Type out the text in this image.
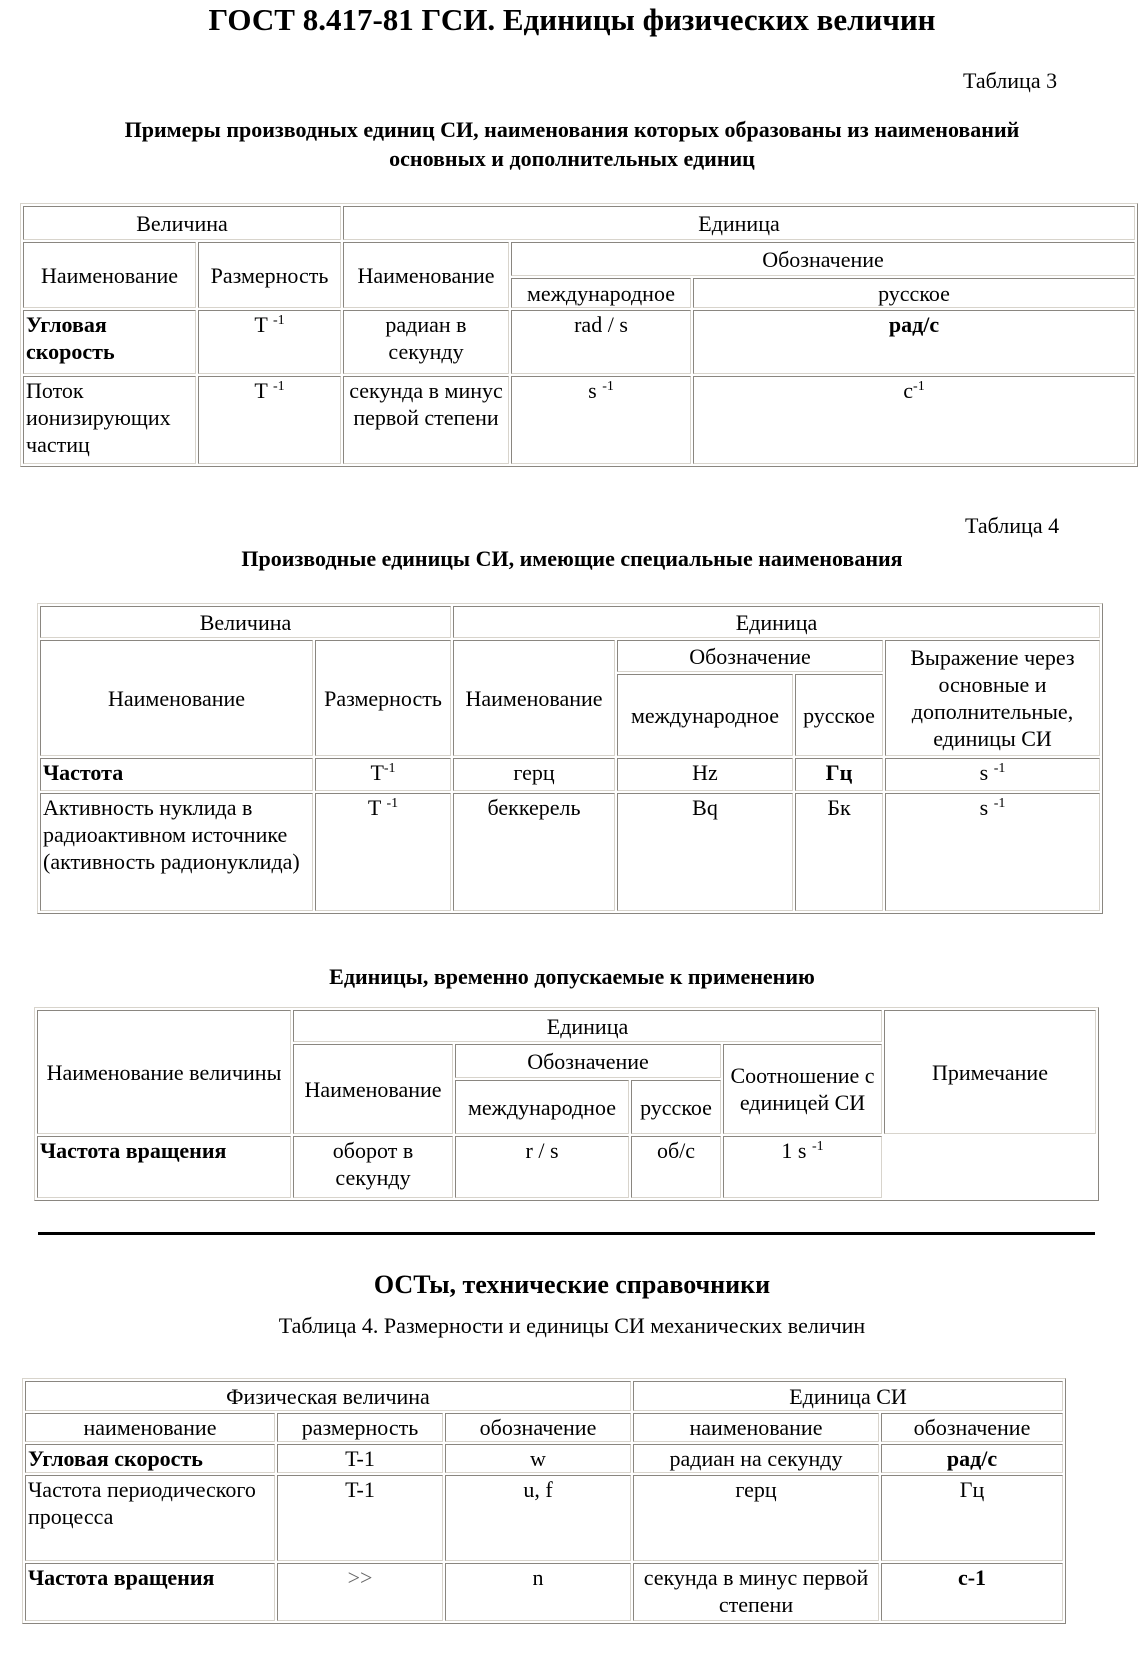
ГОСТ 8.417-81 ГСИ. Единицы физических величин
Таблица 3
Примеры производных единиц СИ, наименования которых образованы из наименований
основных и дополнительных единиц
Величина		Единица		
Наименование	Размерность	Наименование	Обозначение	
			международное	русское
Угловая скорость	T $^{-1}$	радиан в секунду	rad / s	рад/с
Поток ионизирующих частиц	T $^{-1}$	секунда в минус первой степени	s $^{-1}$	$c^{-1}$
Таблица 4
Производные единицы СИ, имеющие специальные наименования
Величина		Единица			
Наименование	Размерность	Наименование	Обозначение		Выражение через основные и дополнительные, единицы СИ
			международное	русское	
Частота	$T^{-1}$	герц	Hz	Гц	s $^{-1}$
Активность нуклида в радиоактивном источнике (активность радионуклида)	T $^{-1}$	беккерель	Bq	Бк	s $^{-1}$
Единицы, временно допускаемые к применению
Наименование величины	Единица				Примечание
	Наименование	Обозначение		Соотношение с единицей СИ	
		международное	русское		
Частота вращения	оборот в секунду	r / s	об/с	1 s $^{-1}$	
ОСТы, технические справочники
Таблица 4. Размерности и единицы СИ механических величин
Физическая величина			Единица СИ	
наименование	размерность	обозначение	наименование	обозначение
Угловая скорость	T-1	w	радиан на секунду	рад/с
Частота периодического процесса	T-1	u, f	герц	Гц
Частота вращения	>>	n	секунда в минус первой степени	с-1
